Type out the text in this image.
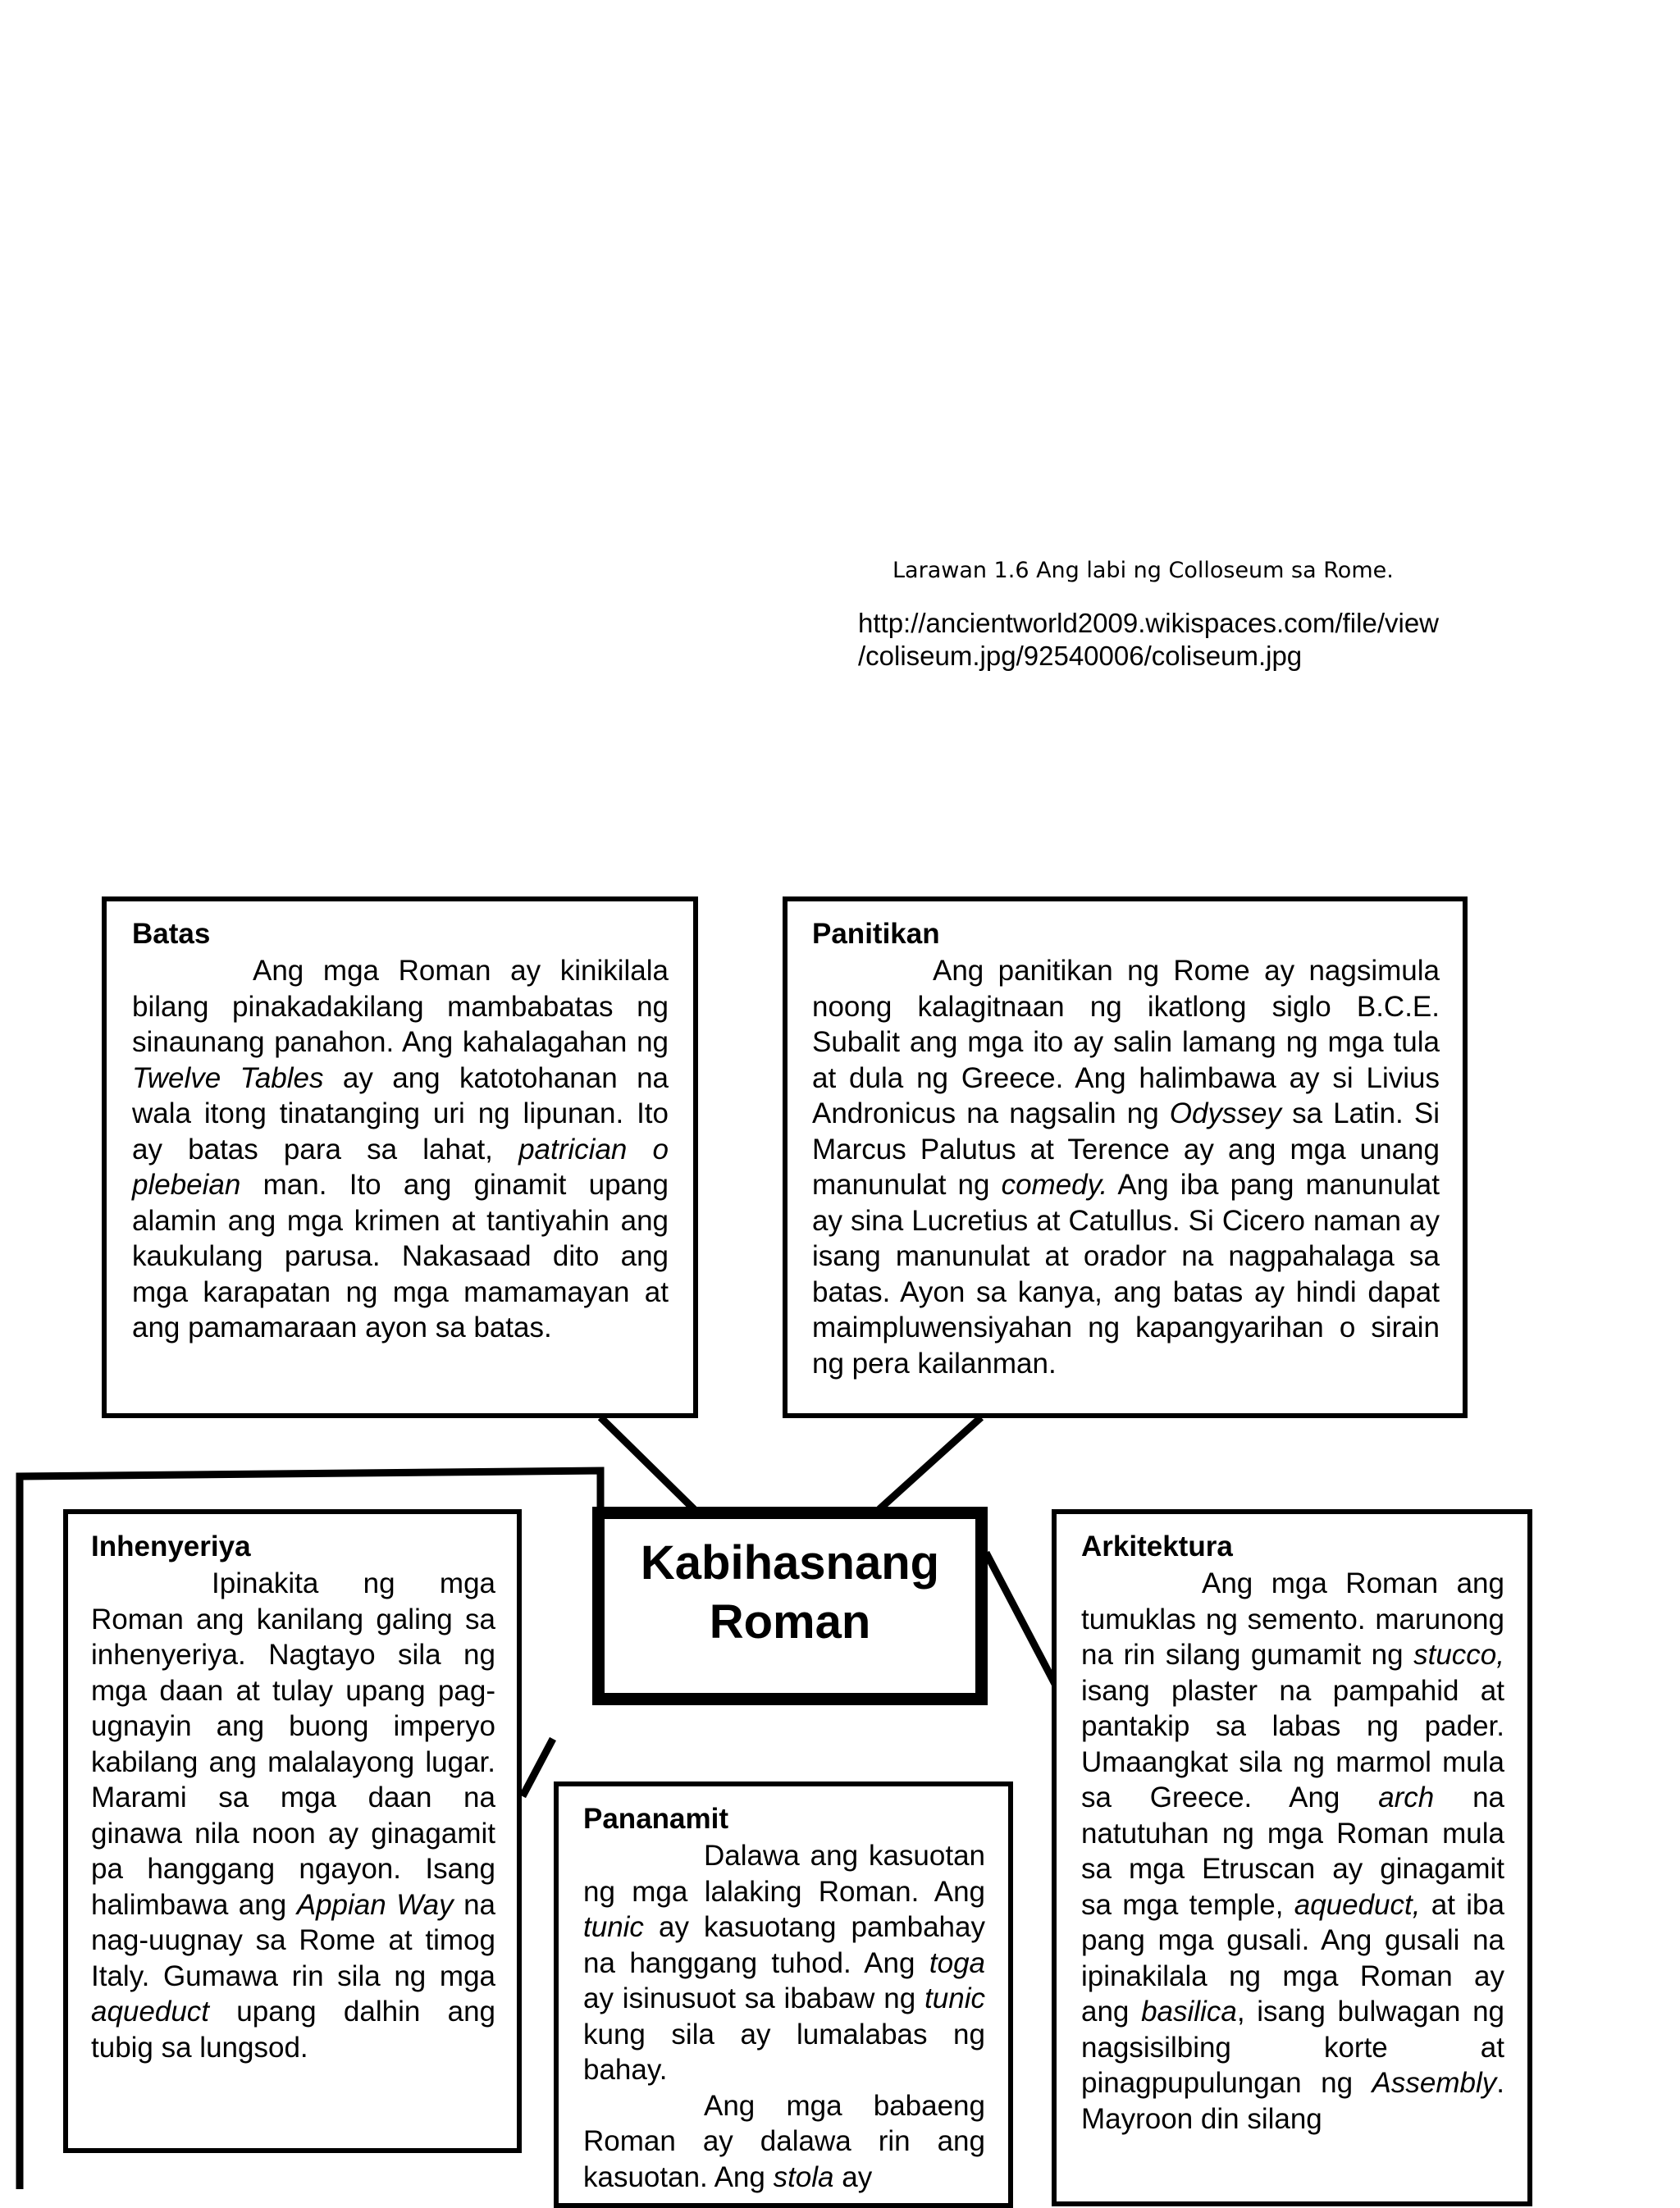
Larawan 1.6 Ang labi ng Colloseum sa Rome.
http://ancientworld2009.wikispaces.com/file/view
/coliseum.jpg/92540006/coliseum.jpg
Batas

Ang mga Roman ay kinikilala bilang pinakadakilang mambabatas ng sinaunang panahon. Ang kahalagahan ng Twelve Tables ay ang katotohanan na wala itong tinatanging uri ng lipunan. Ito ay batas para sa lahat, patrician o plebeian man. Ito ang ginamit upang alamin ang mga krimen at tantiyahin ang kaukulang parusa. Nakasaad dito ang mga karapatan ng mga mamamayan at ang pamamaraan ayon sa batas.

Panitikan

Ang panitikan ng Rome ay nagsimula noong kalagitnaan ng ikatlong siglo B.C.E. Subalit ang mga ito ay salin lamang ng mga tula at dula ng Greece. Ang halimbawa ay si Livius Andronicus na nagsalin ng Odyssey sa Latin. Si Marcus Palutus at Terence ay ang mga unang manunulat ng comedy. Ang iba pang manunulat ay sina Lucretius at Catullus. Si Cicero naman ay isang manunulat at orador na nagpahalaga sa batas. Ayon sa kanya, ang batas ay hindi dapat maimpluwensiyahan ng kapangyarihan o sirain ng pera kailanman.

Kabihasnang
Roman
Inhenyeriya

Ipinakita ng mga Roman ang kanilang galing sa inhenyeriya. Nagtayo sila ng mga daan at tulay upang pag-ugnayin ang buong imperyo kabilang ang malalayong lugar. Marami sa mga daan na ginawa nila noon ay ginagamit pa hanggang ngayon. Isang halimbawa ang Appian Way na nag-uugnay sa Rome at timog Italy. Gumawa rin sila ng mga aqueduct upang dalhin ang tubig sa lungsod.

Pananamit

Dalawa ang kasuotan ng mga lalaking Roman. Ang tunic ay kasuotang pambahay na hanggang tuhod. Ang toga ay isinusuot sa ibabaw ng tunic kung sila ay lumalabas ng bahay.

Ang mga babaeng Roman ay dalawa rin ang kasuotan. Ang stola ay

Arkitektura

Ang mga Roman ang tumuklas ng semento. marunong na rin silang gumamit ng stucco, isang plaster na pampahid at pantakip sa labas ng pader. Umaangkat sila ng marmol mula sa Greece. Ang arch na natutuhan ng mga Roman mula sa mga Etruscan ay ginagamit sa mga temple, aqueduct, at iba pang mga gusali. Ang gusali na ipinakilala ng mga Roman ay ang basilica, isang bulwagan ng nagsisilbing korte at pinagpupulungan ng Assembly. Mayroon din silang
